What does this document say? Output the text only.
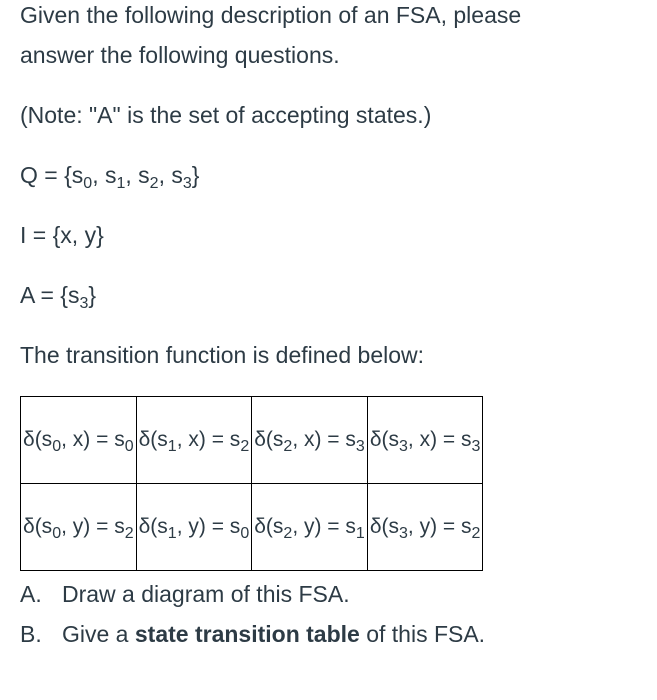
Given the following description of an FSA, please

answer the following questions.

(Note: "A" is the set of accepting states.)

$Q = \{s_0$, $s_1$, $s_2$, $s_3$}

I = {x, y}

$A = \{s_3\}$

The transition function is defined below:

$\delta(s_0$, $x) = s_0$	$\delta(s_1$, $x) = s_2$	$\delta(s_2$, $x) = s_3$	$\delta(s_3$, $x) = s_3$
$\delta(s_0$, $y) = s_2$	$\delta(s_1$, $y) = s_0$	$\delta(s_2$, $y) = s_1$	$\delta(s_3$, $y) = s_2$
A. Draw a diagram of this FSA.
B. Give a state transition table of this FSA.
